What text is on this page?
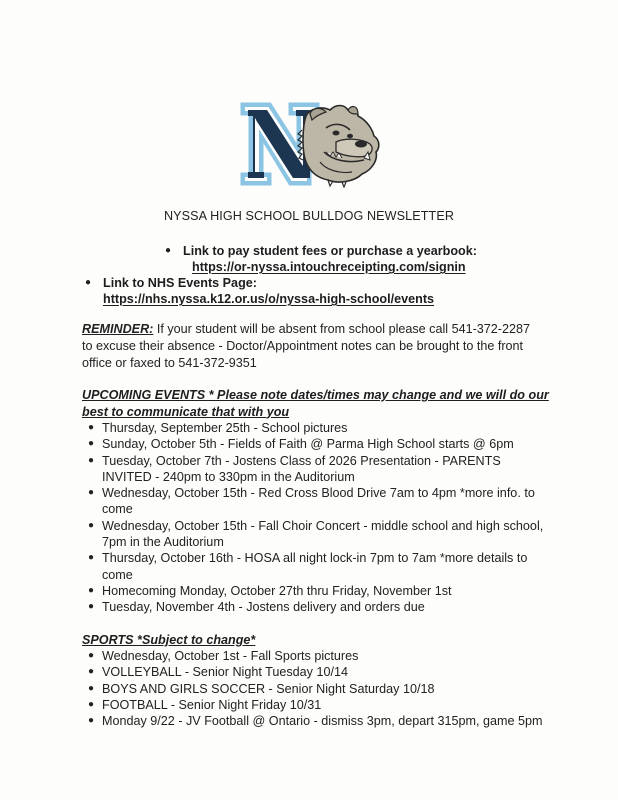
NYSSA HIGH SCHOOL BULLDOG NEWSLETTER
● Link to pay student fees or purchase a yearbook:
https://or-nyssa.intouchreceipting.com/signin
● Link to NHS Events Page:
https://nhs.nyssa.k12.or.us/o/nyssa-high-school/events
REMINDER: If your student will be absent from school please call 541-372-2287 to excuse their absence - Doctor/Appointment notes can be brought to the front office or faxed to 541-372-9351
UPCOMING EVENTS * Please note dates/times may change and we will do our best to communicate that with you
● Thursday, September 25th - School pictures
● Sunday, October 5th - Fields of Faith @ Parma High School starts @ 6pm
● Tuesday, October 7th - Jostens Class of 2026 Presentation - PARENTS INVITED - 240pm to 330pm in the Auditorium
● Wednesday, October 15th - Red Cross Blood Drive 7am to 4pm *more info. to come
● Wednesday, October 15th - Fall Choir Concert - middle school and high school, 7pm in the Auditorium
● Thursday, October 16th - HOSA all night lock-in 7pm to 7am *more details to come
● Homecoming Monday, October 27th thru Friday, November 1st
● Tuesday, November 4th - Jostens delivery and orders due
SPORTS *Subject to change*
● Wednesday, October 1st - Fall Sports pictures
● VOLLEYBALL - Senior Night Tuesday 10/14
● BOYS AND GIRLS SOCCER - Senior Night Saturday 10/18
● FOOTBALL - Senior Night Friday 10/31
● Monday 9/22 - JV Football @ Ontario - dismiss 3pm, depart 315pm, game 5pm
